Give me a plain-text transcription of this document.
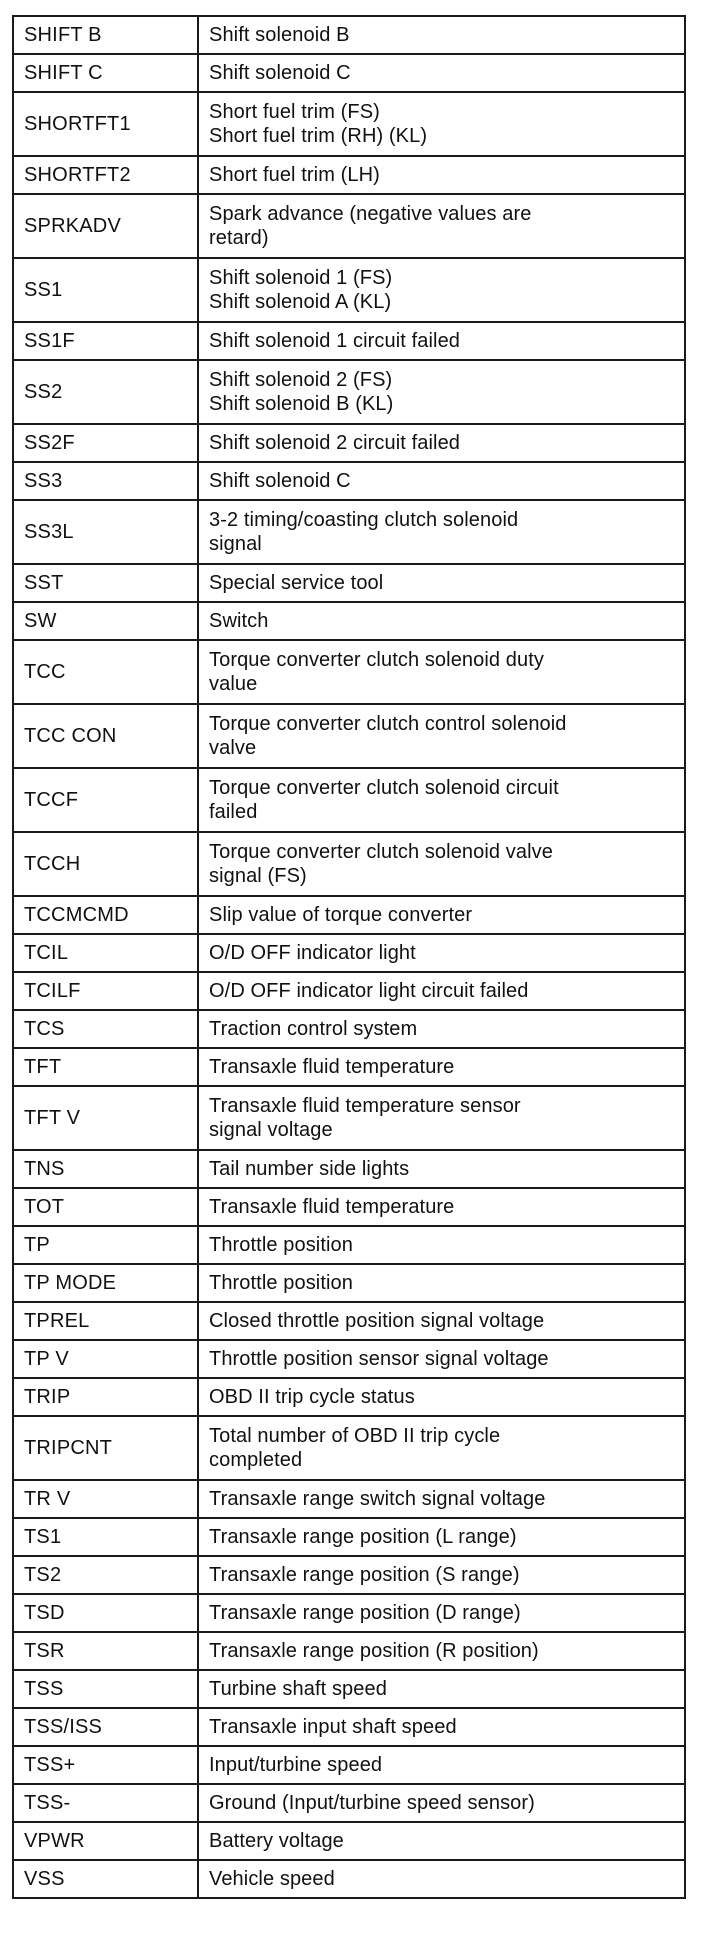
SHIFT B	Shift solenoid B

SHIFT C	Shift solenoid C

SHORTFT1	Short fuel trim (FS)
Short fuel trim (RH) (KL)

SHORTFT2	Short fuel trim (LH)

SPRKADV	Spark advance (negative values are
retard)

SS1	Shift solenoid 1 (FS)
Shift solenoid A (KL)

SS1F	Shift solenoid 1 circuit failed

SS2	Shift solenoid 2 (FS)
Shift solenoid B (KL)

SS2F	Shift solenoid 2 circuit failed

SS3	Shift solenoid C

SS3L	3-2 timing/coasting clutch solenoid
signal

SST	Special service tool

SW	Switch

TCC	Torque converter clutch solenoid duty
value

TCC CON	Torque converter clutch control solenoid
valve

TCCF	Torque converter clutch solenoid circuit
failed

TCCH	Torque converter clutch solenoid valve
signal (FS)

TCCMCMD	Slip value of torque converter

TCIL	O/D OFF indicator light

TCILF	O/D OFF indicator light circuit failed

TCS	Traction control system

TFT	Transaxle fluid temperature

TFT V	Transaxle fluid temperature sensor
signal voltage

TNS	Tail number side lights

TOT	Transaxle fluid temperature

TP	Throttle position

TP MODE	Throttle position

TPREL	Closed throttle position signal voltage

TP V	Throttle position sensor signal voltage

TRIP	OBD II trip cycle status

TRIPCNT	Total number of OBD II trip cycle
completed

TR V	Transaxle range switch signal voltage

TS1	Transaxle range position (L range)

TS2	Transaxle range position (S range)

TSD	Transaxle range position (D range)

TSR	Transaxle range position (R position)

TSS	Turbine shaft speed

TSS/ISS	Transaxle input shaft speed

TSS+	Input/turbine speed

TSS-	Ground (Input/turbine speed sensor)

VPWR	Battery voltage

VSS	Vehicle speed
